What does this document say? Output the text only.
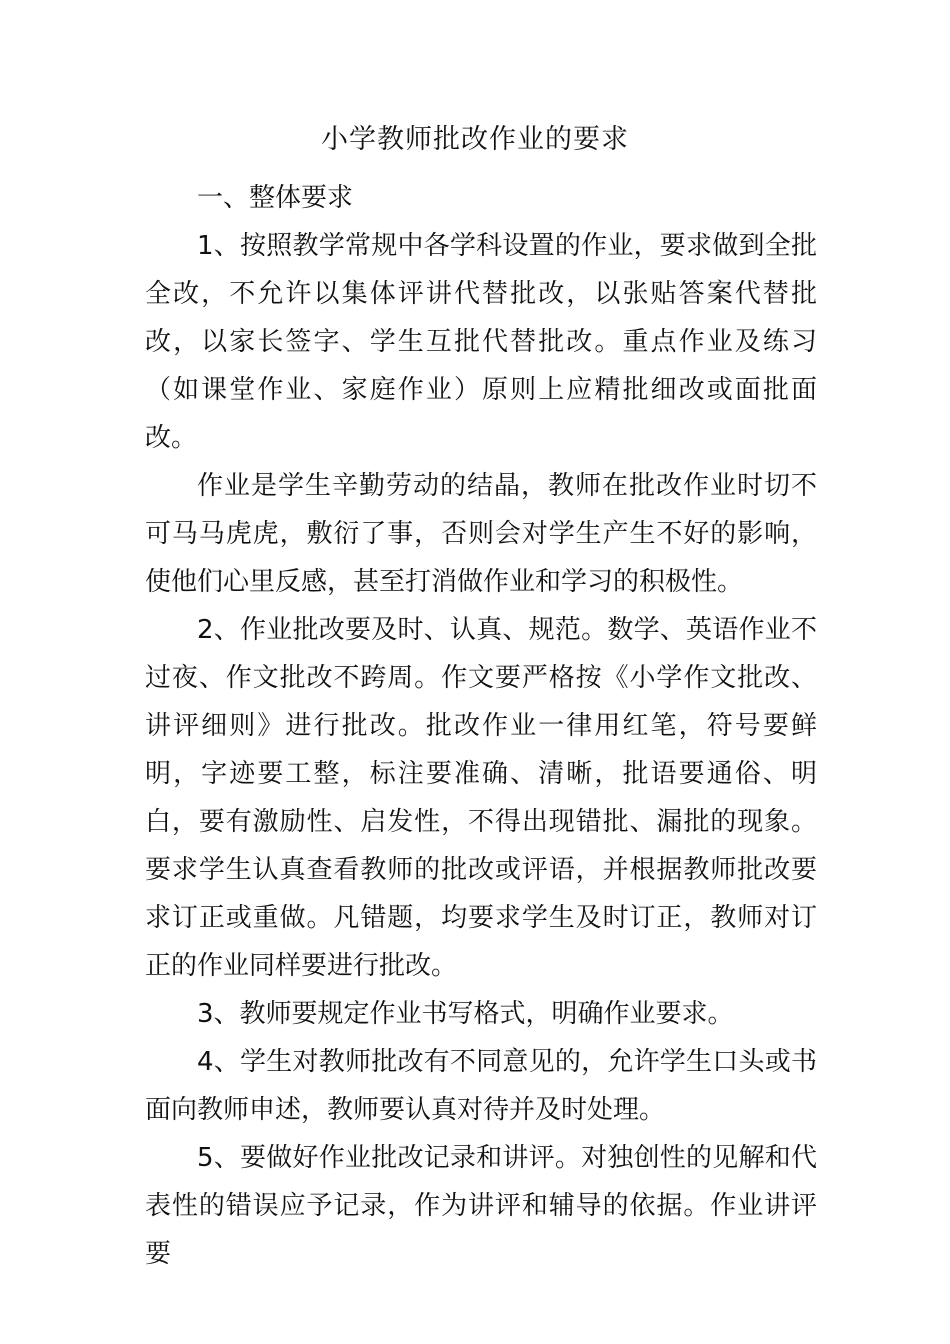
小学教师批改作业的要求

一、整体要求

1、按照教学常规中各学科设置的作业，要求做到全批全改，不允许以集体评讲代替批改，以张贴答案代替批改，以家长签字、学生互批代替批改。重点作业及练习（如课堂作业、家庭作业）原则上应精批细改或面批面改。

作业是学生辛勤劳动的结晶，教师在批改作业时切不可马马虎虎，敷衍了事，否则会对学生产生不好的影响，使他们心里反感，甚至打消做作业和学习的积极性。

2、作业批改要及时、认真、规范。数学、英语作业不过夜、作文批改不跨周。作文要严格按《小学作文批改、讲评细则》进行批改。批改作业一律用红笔，符号要鲜明，字迹要工整，标注要准确、清晰，批语要通俗、明白，要有激励性、启发性，不得出现错批、漏批的现象。要求学生认真查看教师的批改或评语，并根据教师批改要求订正或重做。凡错题，均要求学生及时订正，教师对订正的作业同样要进行批改。

3、教师要规定作业书写格式，明确作业要求。

4、学生对教师批改有不同意见的，允许学生口头或书面向教师申述，教师要认真对待并及时处理。

5、要做好作业批改记录和讲评。对独创性的见解和代表性的错误应予记录，作为讲评和辅导的依据。作业讲评要
